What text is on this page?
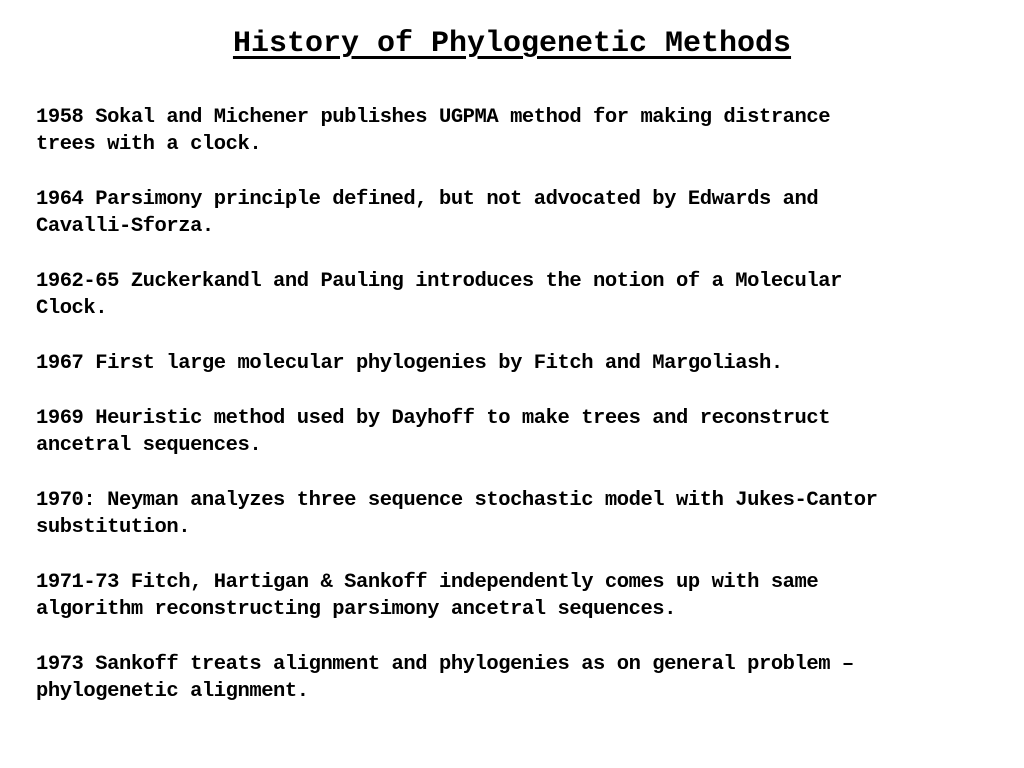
History of Phylogenetic Methods
1958 Sokal and Michener publishes UGPMA method for making distrance
trees with a clock.
1964 Parsimony principle defined, but not advocated by Edwards and
Cavalli-Sforza.
1962-65 Zuckerkandl and Pauling introduces the notion of a Molecular
Clock.
1967 First large molecular phylogenies by Fitch and Margoliash.
1969 Heuristic method used by Dayhoff to make trees and reconstruct
ancetral sequences.
1970: Neyman analyzes three sequence stochastic model with Jukes-Cantor
substitution.
1971-73 Fitch, Hartigan & Sankoff independently comes up with same
algorithm reconstructing parsimony ancetral sequences.
1973 Sankoff treats alignment and phylogenies as on general problem –
phylogenetic alignment.
